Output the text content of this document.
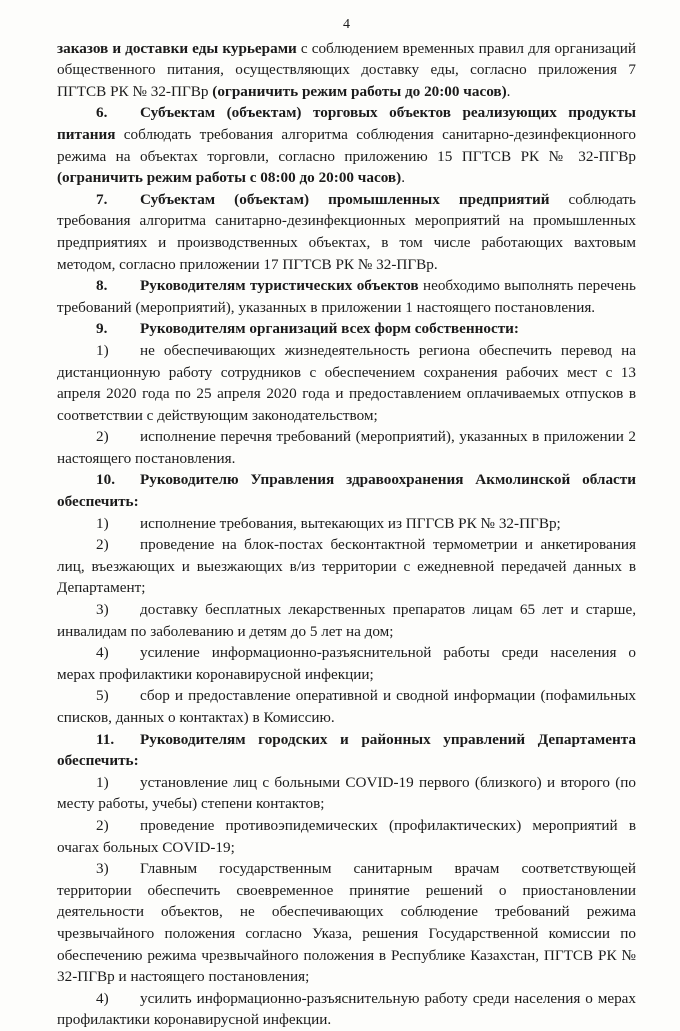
4

заказов и доставки еды курьерами с соблюдением временных правил для организаций общественного питания, осуществляющих доставку еды, согласно приложения 7 ПГТСВ РК № 32-ПГВр (ограничить режим работы до 20:00 часов).

6. Субъектам (объектам) торговых объектов реализующих продукты питания соблюдать требования алгоритма соблюдения санитарно-дезинфекционного режима на объектах торговли, согласно приложению 15 ПГТСВ РК № 32-ПГВр (ограничить режим работы с 08:00 до 20:00 часов).

7. Субъектам (объектам) промышленных предприятий соблюдать требования алгоритма санитарно-дезинфекционных мероприятий на промышленных предприятиях и производственных объектах, в том числе работающих вахтовым методом, согласно приложении 17 ПГТСВ РК № 32-ПГВр.

8. Руководителям туристических объектов необходимо выполнять перечень требований (мероприятий), указанных в приложении 1 настоящего постановления.

9. Руководителям организаций всех форм собственности:

1) не обеспечивающих жизнедеятельность региона обеспечить перевод на дистанционную работу сотрудников с обеспечением сохранения рабочих мест с 13 апреля 2020 года по 25 апреля 2020 года и предоставлением оплачиваемых отпусков в соответствии с действующим законодательством;

2) исполнение перечня требований (мероприятий), указанных в приложении 2 настоящего постановления.

10. Руководителю Управления здравоохранения Акмолинской области обеспечить:

1) исполнение требования, вытекающих из ПГГСВ РК № 32-ПГВр;

2) проведение на блок-постах бесконтактной термометрии и анкетирования лиц, въезжающих и выезжающих в/из территории с ежедневной передачей данных в Департамент;

3) доставку бесплатных лекарственных препаратов лицам 65 лет и старше, инвалидам по заболеванию и детям до 5 лет на дом;

4) усиление информационно-разъяснительной работы среди населения о мерах профилактики коронавирусной инфекции;

5) сбор и предоставление оперативной и сводной информации (пофамильных списков, данных о контактах) в Комиссию.

11. Руководителям городских и районных управлений Департамента обеспечить:

1) установление лиц с больными COVID-19 первого (близкого) и второго (по месту работы, учебы) степени контактов;

2) проведение противоэпидемических (профилактических) мероприятий в очагах больных COVID-19;

3) Главным государственным санитарным врачам соответствующей территории обеспечить своевременное принятие решений о приостановлении деятельности объектов, не обеспечивающих соблюдение требований режима чрезвычайного положения согласно Указа, решения Государственной комиссии по обеспечению режима чрезвычайного положения в Республике Казахстан, ПГТСВ РК № 32-ПГВр и настоящего постановления;

4) усилить информационно-разъяснительную работу среди населения о мерах профилактики коронавирусной инфекции.
